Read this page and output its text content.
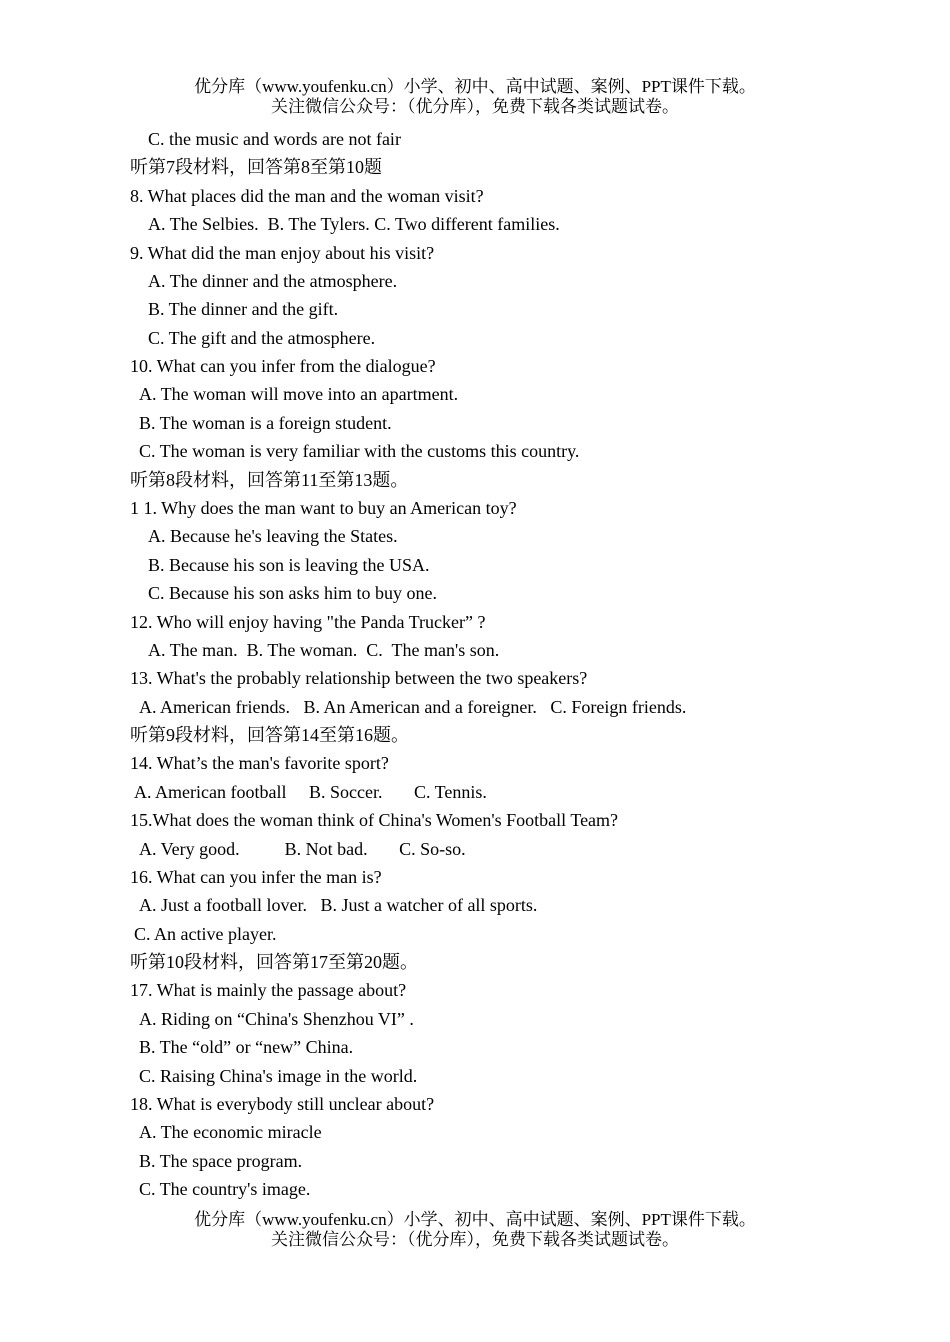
优分库（www.youfenku.cn）小学、初中、高中试题、案例、PPT课件下载。
关注微信公众号：（优分库），免费下载各类试题试卷。
C. the music and words are not fair
听第7段材料，回答第8至第10题
8. What places did the man and the woman visit?
A. The Selbies.  B. The Tylers. C. Two different families.
9. What did the man enjoy about his visit?
A. The dinner and the atmosphere.
B. The dinner and the gift.
C. The gift and the atmosphere.
10. What can you infer from the dialogue?
A. The woman will move into an apartment.
B. The woman is a foreign student.
C. The woman is very familiar with the customs this country.
听第8段材料，回答第11至第13题。
1 1. Why does the man want to buy an American toy?
A. Because he's leaving the States.
B. Because his son is leaving the USA.
C. Because his son asks him to buy one.
12. Who will enjoy having "the Panda Trucker” ?
A. The man.  B. The woman.  C.  The man's son.
13. What's the probably relationship between the two speakers?
A. American friends.   B. An American and a foreigner.   C. Foreign friends.
听第9段材料，回答第14至第16题。
14. What’s the man's favorite sport?
A. American football     B. Soccer.       C. Tennis.
15.What does the woman think of China's Women's Football Team?
A. Very good.          B. Not bad.       C. So-so.
16. What can you infer the man is?
A. Just a football lover.   B. Just a watcher of all sports.
C. An active player.
听第10段材料，回答第17至第20题。
17. What is mainly the passage about?
A. Riding on “China's Shenzhou VI” .
B. The “old” or “new” China.
C. Raising China's image in the world.
18. What is everybody still unclear about?
A. The economic miracle
B. The space program.
C. The country's image.
优分库（www.youfenku.cn）小学、初中、高中试题、案例、PPT课件下载。
关注微信公众号：（优分库），免费下载各类试题试卷。
